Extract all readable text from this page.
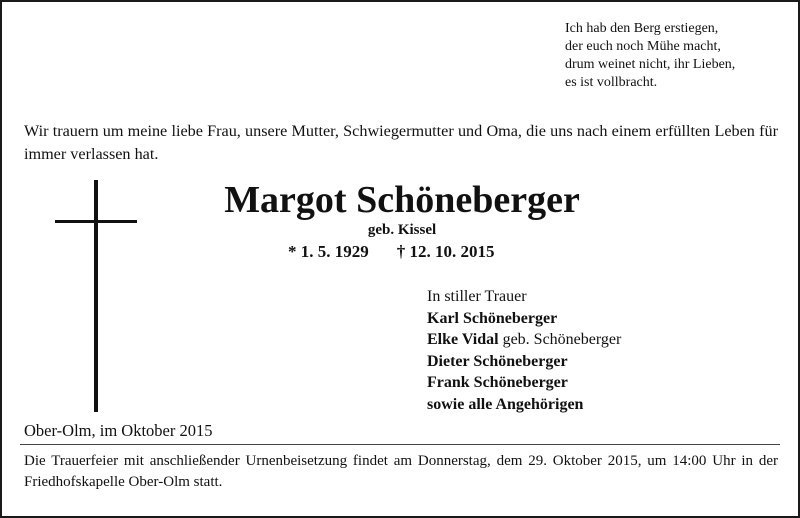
Ich hab den Berg erstiegen,
der euch noch Mühe macht,
drum weinet nicht, ihr Lieben,
es ist vollbracht.
Wir trauern um meine liebe Frau, unsere Mutter, Schwiegermutter und Oma, die uns nach einem erfüllten Leben für immer verlassen hat.
Margot Schöneberger
geb. Kissel
* 1. 5. 1929 † 12. 10. 2015
In stiller Trauer
Karl Schöneberger
Elke Vidal geb. Schöneberger
Dieter Schöneberger
Frank Schöneberger
sowie alle Angehörigen
Ober-Olm, im Oktober 2015
Die Trauerfeier mit anschließender Urnenbeisetzung findet am Donnerstag, dem 29. Oktober 2015, um 14:00 Uhr in der Friedhofskapelle Ober-Olm statt.
